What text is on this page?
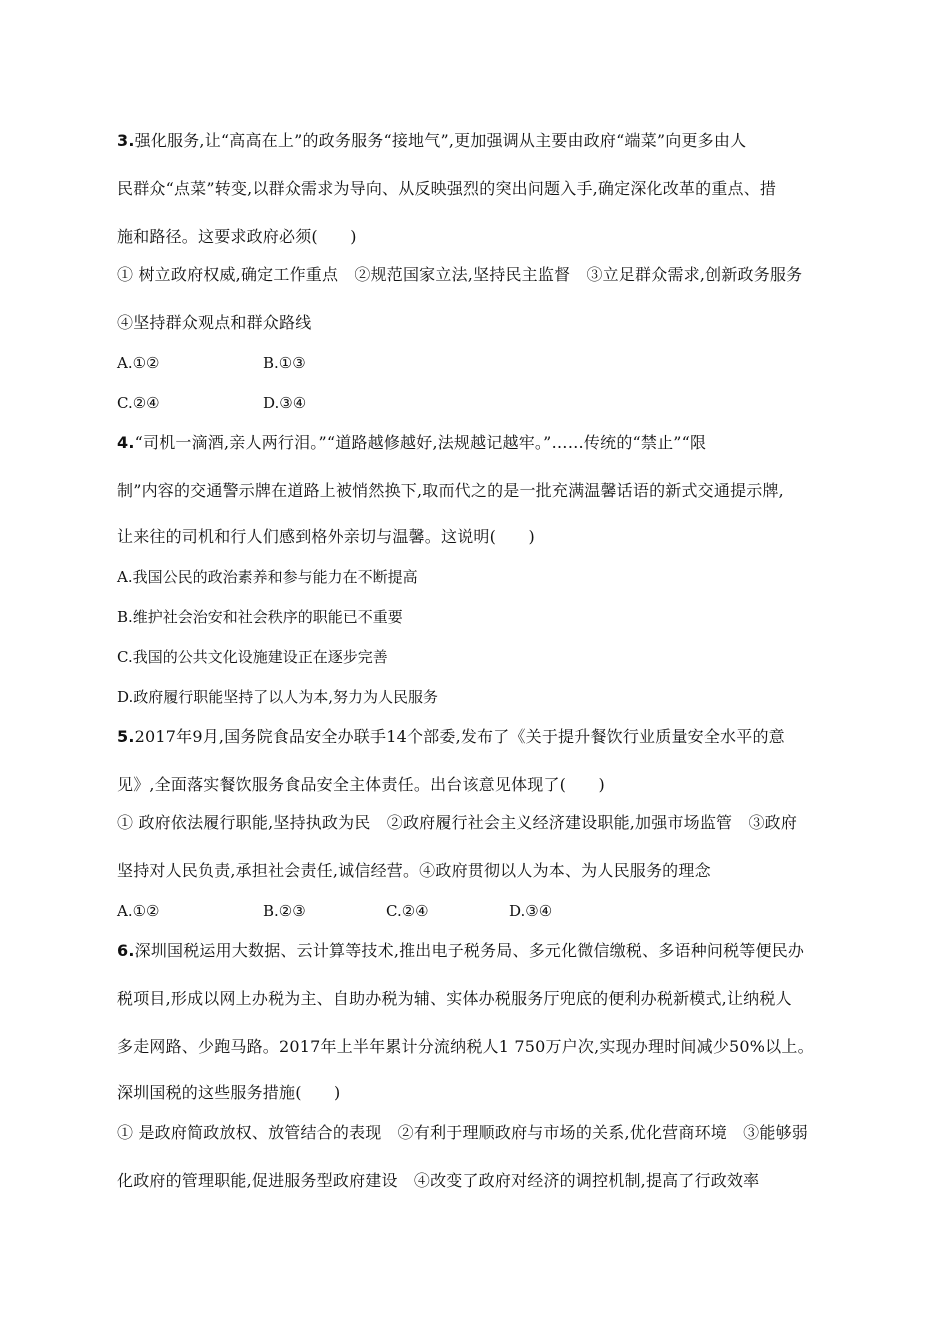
3.强化服务,让“高高在上”的政务服务“接地气”,更加强调从主要由政府“端菜”向更多由人
民群众“点菜”转变,以群众需求为导向、从反映强烈的突出问题入手,确定深化改革的重点、措
施和路径。这要求政府必须(　　)
① 树立政府权威,确定工作重点　②规范国家立法,坚持民主监督　③立足群众需求,创新政务服务
④坚持群众观点和群众路线
A.①②	B.①③
C.②④	D.③④
4.“司机一滴酒,亲人两行泪。”“道路越修越好,法规越记越牢。”……传统的“禁止”“限
制”内容的交通警示牌在道路上被悄然换下,取而代之的是一批充满温馨话语的新式交通提示牌,
让来往的司机和行人们感到格外亲切与温馨。这说明(　　)
A.我国公民的政治素养和参与能力在不断提高
B.维护社会治安和社会秩序的职能已不重要
C.我国的公共文化设施建设正在逐步完善
D.政府履行职能坚持了以人为本,努力为人民服务
5.2017年9月,国务院食品安全办联手14个部委,发布了《关于提升餐饮行业质量安全水平的意
见》,全面落实餐饮服务食品安全主体责任。出台该意见体现了(　　)
① 政府依法履行职能,坚持执政为民　②政府履行社会主义经济建设职能,加强市场监管　③政府
坚持对人民负责,承担社会责任,诚信经营。④政府贯彻以人为本、为人民服务的理念
A.①②	B.②③	C.②④	D.③④
6.深圳国税运用大数据、云计算等技术,推出电子税务局、多元化微信缴税、多语种问税等便民办
税项目,形成以网上办税为主、自助办税为辅、实体办税服务厅兜底的便利办税新模式,让纳税人
多走网路、少跑马路。2017年上半年累计分流纳税人1 750万户次,实现办理时间减少50%以上。
深圳国税的这些服务措施(　　)
① 是政府简政放权、放管结合的表现　②有利于理顺政府与市场的关系,优化营商环境　③能够弱
化政府的管理职能,促进服务型政府建设　④改变了政府对经济的调控机制,提高了行政效率
